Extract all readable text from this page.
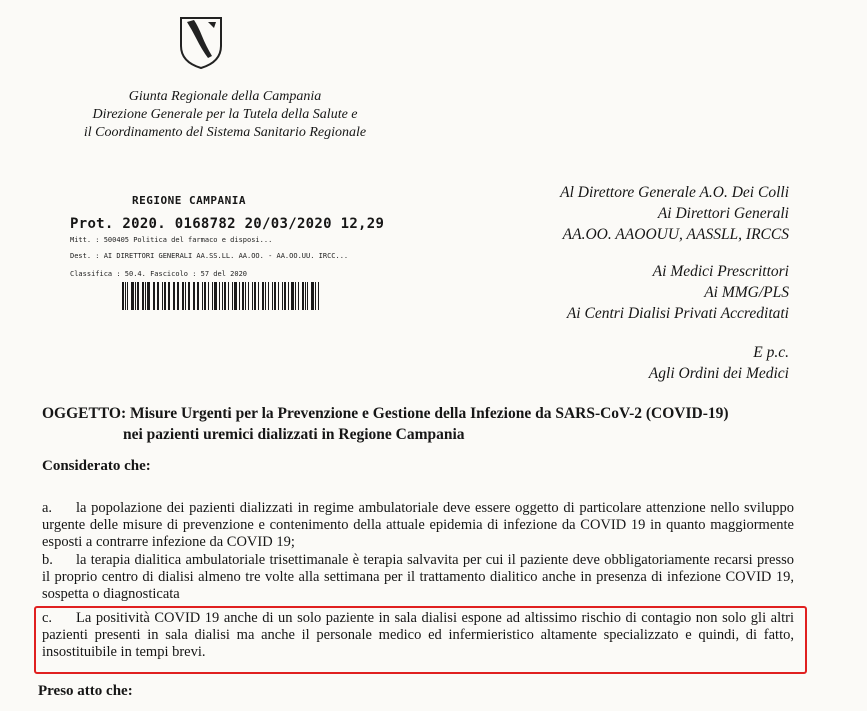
Giunta Regionale della Campania
Direzione Generale per la Tutela della Salute e
il Coordinamento del Sistema Sanitario Regionale
REGIONE CAMPANIA
Prot. 2020. 0168782 20/03/2020 12,29
Mitt. : 500405 Politica del farmaco e disposi...
Dest. : AI DIRETTORI GENERALI AA.SS.LL. AA.OO. - AA.OO.UU. IRCC...
Classifica : 50.4. Fascicolo : 57 del 2020
Al Direttore Generale A.O. Dei Colli
Ai Direttori Generali
AA.OO. AAOOUU, AASSLL, IRCCS
Ai Medici Prescrittori
Ai MMG/PLS
Ai Centri Dialisi Privati Accreditati
E p.c.
Agli Ordini dei Medici
OGGETTO: Misure Urgenti per la Prevenzione e Gestione della Infezione da SARS-CoV-2 (COVID-19)
nei pazienti uremici dializzati in Regione Campania
Considerato che:
a. la popolazione dei pazienti dializzati in regime ambulatoriale deve essere oggetto di particolare attenzione nello sviluppo urgente delle misure di prevenzione e contenimento della attuale epidemia di infezione da COVID 19 in quanto maggiormente esposti a contrarre infezione da COVID 19;
b. la terapia dialitica ambulatoriale trisettimanale è terapia salvavita per cui il paziente deve obbligatoriamente recarsi presso il proprio centro di dialisi almeno tre volte alla settimana per il trattamento dialitico anche in presenza di infezione COVID 19, sospetta o diagnosticata
c. La positività COVID 19 anche di un solo paziente in sala dialisi espone ad altissimo rischio di contagio non solo gli altri pazienti presenti in sala dialisi ma anche il personale medico ed infermieristico altamente specializzato e quindi, di fatto, insostituibile in tempi brevi.
Preso atto che:
